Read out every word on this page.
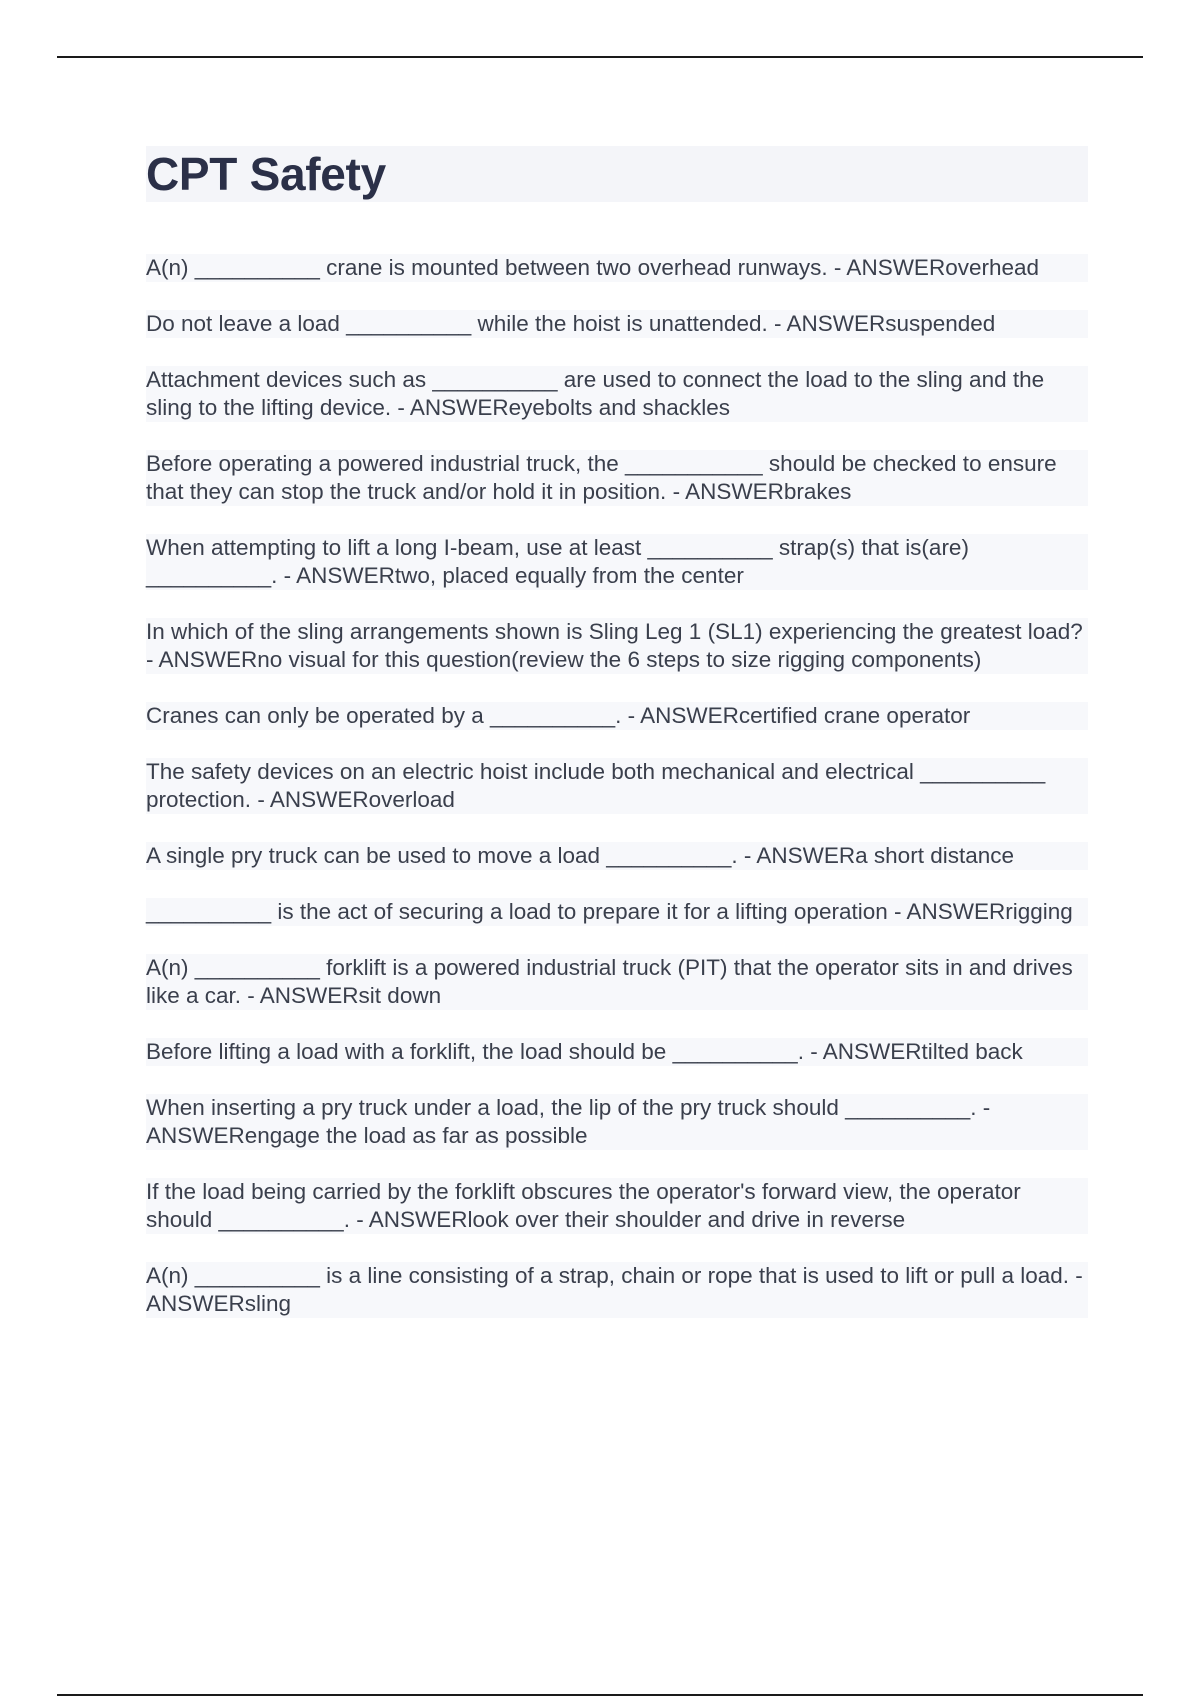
CPT Safety

A(n) __________ crane is mounted between two overhead runways. - ANSWERoverhead

Do not leave a load __________ while the hoist is unattended. - ANSWERsuspended

Attachment devices such as __________ are used to connect the load to the sling and the sling to the lifting device. - ANSWEReyebolts and shackles

Before operating a powered industrial truck, the ___________ should be checked to ensure that they can stop the truck and/or hold it in position. - ANSWERbrakes

When attempting to lift a long I-beam, use at least __________ strap(s) that is(are) __________. - ANSWERtwo, placed equally from the center

In which of the sling arrangements shown is Sling Leg 1 (SL1) experiencing the greatest load? - ANSWERno visual for this question(review the 6 steps to size rigging components)

Cranes can only be operated by a __________. - ANSWERcertified crane operator

The safety devices on an electric hoist include both mechanical and electrical __________ protection. - ANSWERoverload

A single pry truck can be used to move a load __________. - ANSWERa short distance

__________ is the act of securing a load to prepare it for a lifting operation - ANSWERrigging

A(n) __________ forklift is a powered industrial truck (PIT) that the operator sits in and drives like a car. - ANSWERsit down

Before lifting a load with a forklift, the load should be __________. - ANSWERtilted back

When inserting a pry truck under a load, the lip of the pry truck should __________. - ANSWERengage the load as far as possible

If the load being carried by the forklift obscures the operator's forward view, the operator should __________. - ANSWERlook over their shoulder and drive in reverse

A(n) __________ is a line consisting of a strap, chain or rope that is used to lift or pull a load. - ANSWERsling
